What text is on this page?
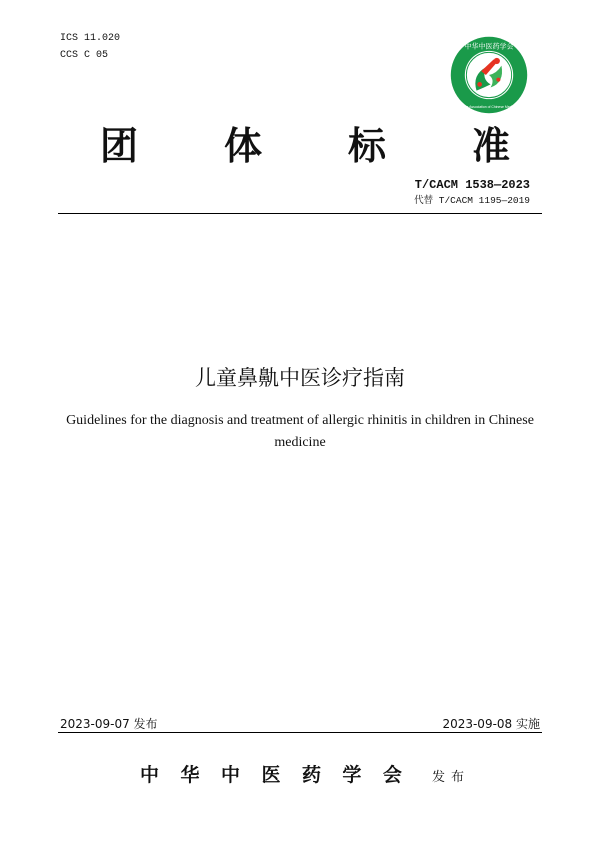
ICS 11.020
CCS C 05
中华中医药学会
China Association of Chinese Medicine
团 体 标 准
T/CACM 1538—2023
代替 T/CACM 1195—2019
儿童鼻鼽中医诊疗指南
Guidelines for the diagnosis and treatment of allergic rhinitis in children in Chinese
medicine
2023-09-07 发布	2023-09-08 实施
中 华 中 医 药 学 会 发布
